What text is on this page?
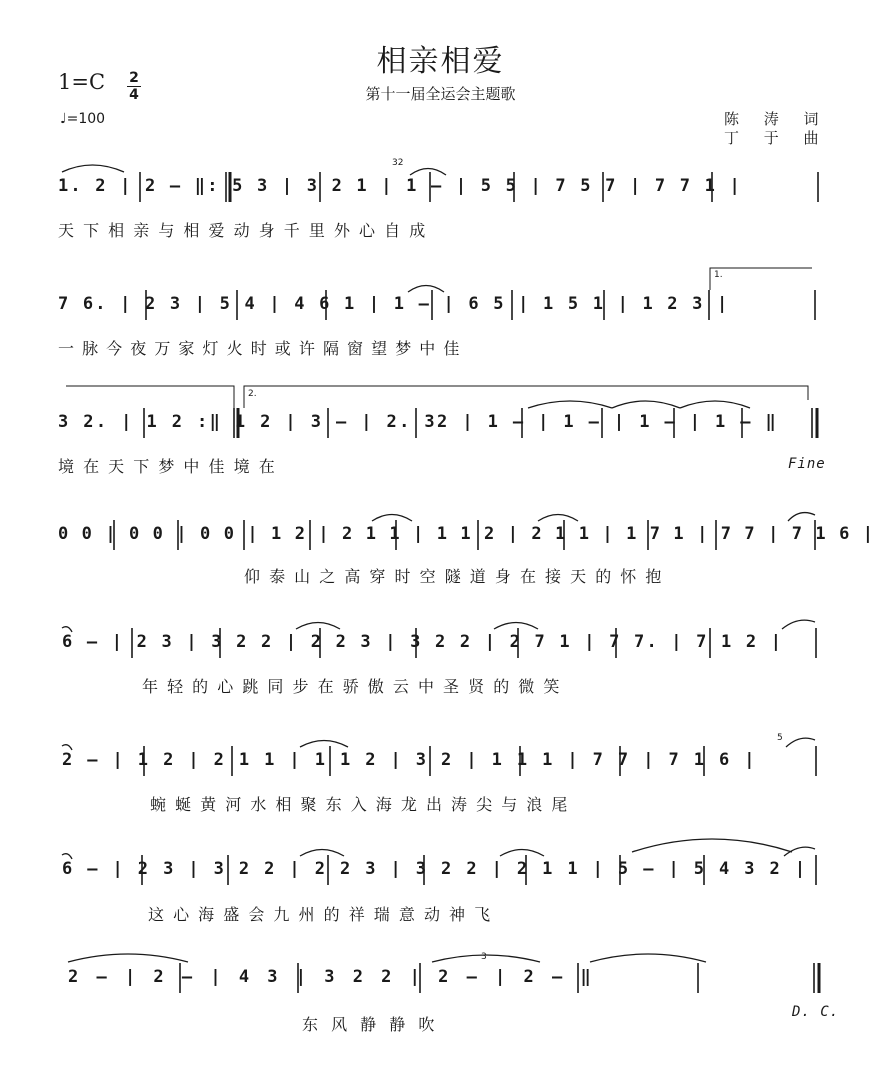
相亲相爱
第十一届全运会主题歌
1=C 2
4
♩=100	陈 涛 词
丁 于 曲
1. 2 | 2 – ‖: 5 3 | 3 2 1 | 1 – | 5 5 | 7 5 7 | 7 7 1 |
天 下 相 亲 与 相 爱 动 身 千 里 外 心 自 成
32
7 6. | 2 3 | 5 4 | 4 6 1 | 1 – | 6 5 | 1 5 1 | 1 2 3 |
一 脉 今 夜 万 家 灯 火 时 或 许 隔 窗 望 梦 中 佳
1.
3 2. | 1 2 :‖ 1 2 | 3 – | 2. 32 | 1 – | 1 – | 1 – | 1 – ‖
境 在 天 下 梦 中 佳 境 在
2.
Fine
0 0 | 0 0 | 0 0 | 1 2 | 2 1 1 | 1 1 2 | 2 1 1 | 1 7 1 | 7 7 | 7 1 6 |
仰 泰 山 之 高 穿 时 空 隧 道 身 在 接 天 的 怀 抱
6 – | 2 3 | 3 2 2 | 2 2 3 | 3 2 2 | 2 7 1 | 7 7. | 7 1 2 |
年 轻 的 心 跳 同 步 在 骄 傲 云 中 圣 贤 的 微 笑
2 – | 1 2 | 2 1 1 | 1 1 2 | 3 2 | 1 1 1 | 7 7 | 7 1 6 |
蜿 蜒 黄 河 水 相 聚 东 入 海 龙 出 涛 尖 与 浪 尾
5
6 – | 2 3 | 3 2 2 | 2 2 3 | 3 2 2 | 2 1 1 | 5 – | 5 4 3 2 |
这 心 海 盛 会 九 州 的 祥 瑞 意 动 神 飞
2 – | 2 – | 4 3 | 3 2 2 | 2 – | 2 – ‖
东 风 静 静 吹
3
D. C.
